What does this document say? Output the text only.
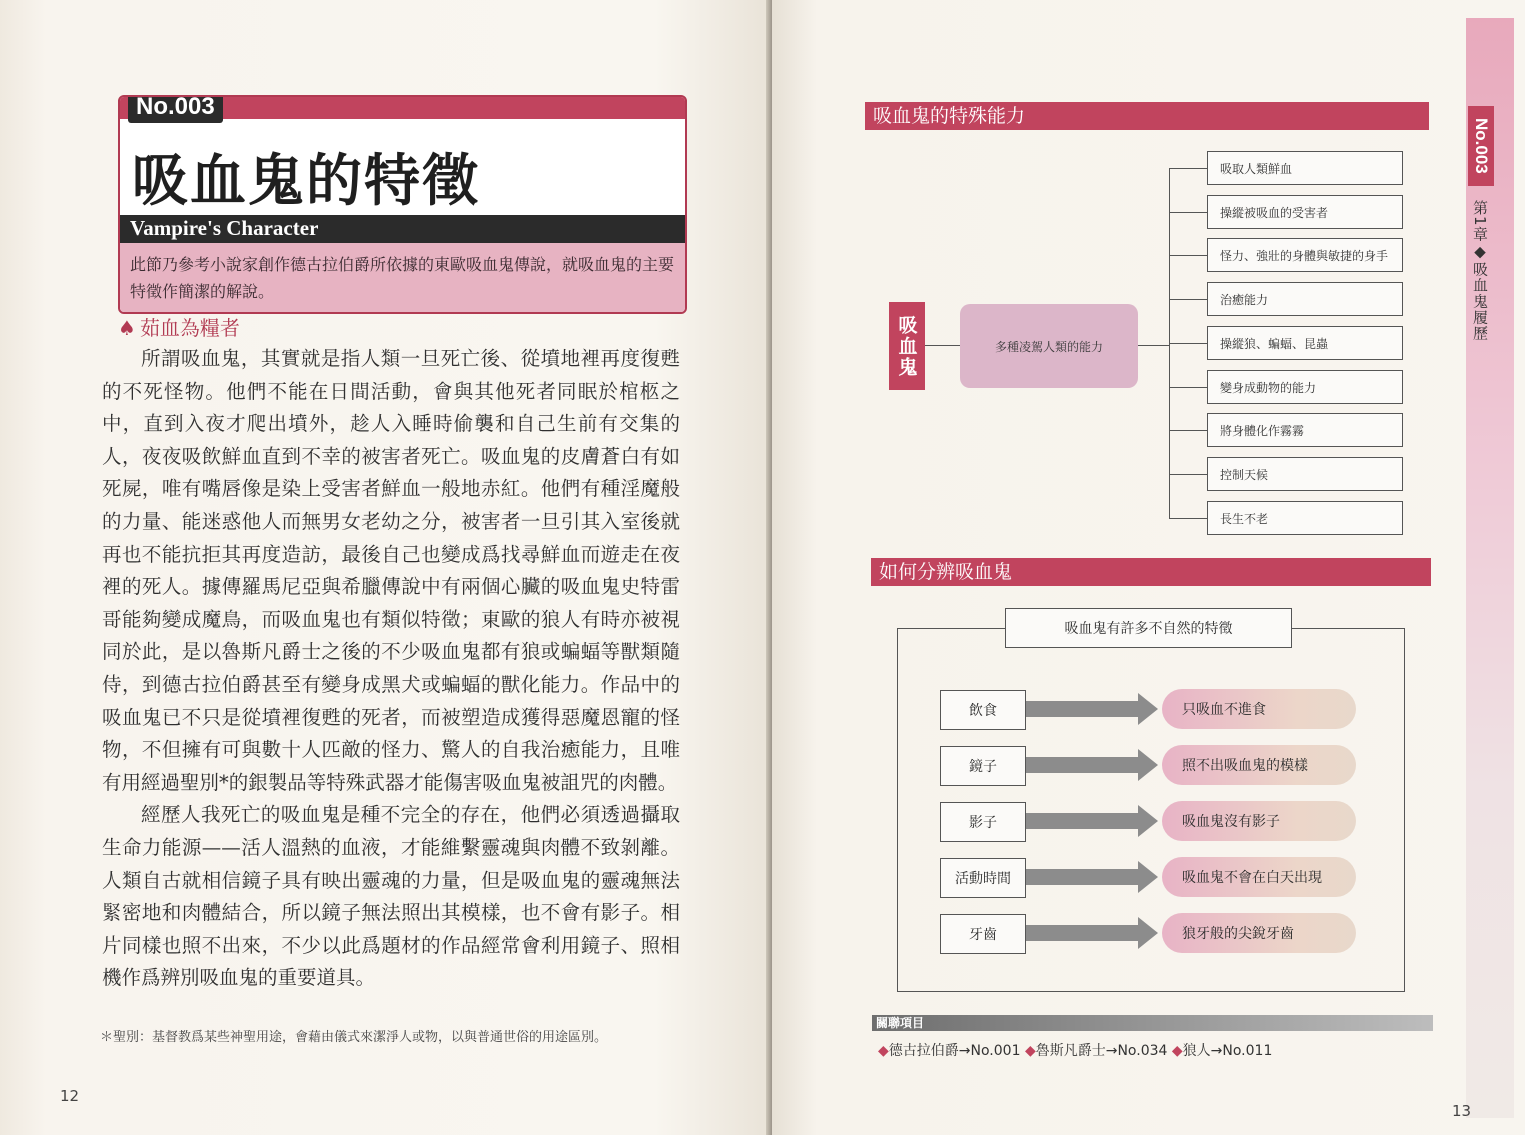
No.003
吸血鬼的特徵
Vampire's Character
此節乃參考小說家創作德古拉伯爵所依據的東歐吸血鬼傳說，就吸血鬼的主要特徵作簡潔的解說。
♠ 茹血為糧者

所謂吸血鬼，其實就是指人類一旦死亡後、從墳地裡再度復甦的不死怪物。他們不能在日間活動，會與其他死者同眠於棺柩之中，直到入夜才爬出墳外，趁人入睡時偷襲和自己生前有交集的人，夜夜吸飲鮮血直到不幸的被害者死亡。吸血鬼的皮膚蒼白有如死屍，唯有嘴唇像是染上受害者鮮血一般地赤紅。他們有種淫魔般的力量、能迷惑他人而無男女老幼之分，被害者一旦引其入室後就再也不能抗拒其再度造訪，最後自己也變成爲找尋鮮血而遊走在夜裡的死人。據傳羅馬尼亞與希臘傳說中有兩個心臟的吸血鬼史特雷哥能夠變成魔鳥，而吸血鬼也有類似特徵；東歐的狼人有時亦被視同於此，是以魯斯凡爵士之後的不少吸血鬼都有狼或蝙蝠等獸類隨侍，到德古拉伯爵甚至有變身成黑犬或蝙蝠的獸化能力。作品中的吸血鬼已不只是從墳裡復甦的死者，而被塑造成獲得惡魔恩寵的怪物，不但擁有可與數十人匹敵的怪力、驚人的自我治癒能力，且唯有用經過聖別*的銀製品等特殊武器才能傷害吸血鬼被詛咒的肉體。

經歷人我死亡的吸血鬼是種不完全的存在，他們必須透過攝取生命力能源——活人溫熱的血液，才能維繫靈魂與肉體不致剝離。人類自古就相信鏡子具有映出靈魂的力量，但是吸血鬼的靈魂無法緊密地和肉體結合，所以鏡子無法照出其模樣，也不會有影子。相片同樣也照不出來，不少以此爲題材的作品經常會利用鏡子、照相機作爲辨別吸血鬼的重要道具。

＊聖別：基督教爲某些神聖用途，會藉由儀式來潔淨人或物，以與普通世俗的用途區別。
12
No.003
第1章◆吸血鬼履歷
吸血鬼的特殊能力
吸血鬼	多種凌駕人類的能力
吸取人類鮮血
操縱被吸血的受害者
怪力、強壯的身體與敏捷的身手
治癒能力
操縱狼、蝙蝠、昆蟲
變身成動物的能力
將身體化作霧霧
控制天候
長生不老
如何分辨吸血鬼
吸血鬼有許多不自然的特徵
飲食	只吸血不進食
鏡子	照不出吸血鬼的模樣
影子	吸血鬼沒有影子
活動時間	吸血鬼不會在白天出現
牙齒	狼牙般的尖銳牙齒
關聯項目
◆德古拉伯爵→No.001 ◆魯斯凡爵士→No.034 ◆狼人→No.011
13
